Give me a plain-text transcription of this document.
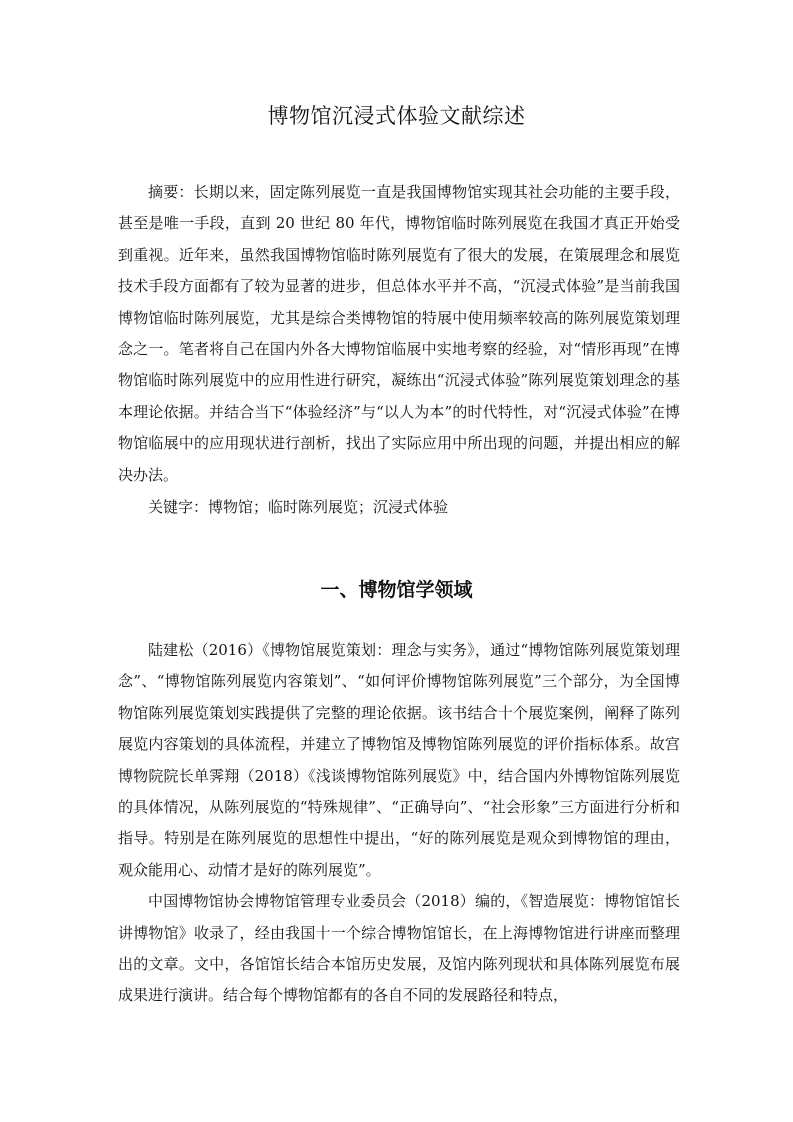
博物馆沉浸式体验文献综述

摘要：长期以来，固定陈列展览一直是我国博物馆实现其社会功能的主要手段，甚至是唯一手段，直到 20 世纪 80 年代，博物馆临时陈列展览在我国才真正开始受到重视。近年来，虽然我国博物馆临时陈列展览有了很大的发展，在策展理念和展览技术手段方面都有了较为显著的进步，但总体水平并不高，“沉浸式体验”是当前我国博物馆临时陈列展览，尤其是综合类博物馆的特展中使用频率较高的陈列展览策划理念之一。笔者将自己在国内外各大博物馆临展中实地考察的经验，对“情形再现”在博物馆临时陈列展览中的应用性进行研究，凝练出“沉浸式体验”陈列展览策划理念的基本理论依据。并结合当下“体验经济”与“以人为本”的时代特性，对“沉浸式体验”在博物馆临展中的应用现状进行剖析，找出了实际应用中所出现的问题，并提出相应的解决办法。

关键字：博物馆；临时陈列展览；沉浸式体验

一、博物馆学领域

陆建松（2016）《博物馆展览策划：理念与实务》，通过“博物馆陈列展览策划理念”、“博物馆陈列展览内容策划”、“如何评价博物馆陈列展览”三个部分，为全国博物馆陈列展览策划实践提供了完整的理论依据。该书结合十个展览案例，阐释了陈列展览内容策划的具体流程，并建立了博物馆及博物馆陈列展览的评价指标体系。故宫博物院院长单霁翔（2018）《浅谈博物馆陈列展览》中，结合国内外博物馆陈列展览的具体情况，从陈列展览的“特殊规律”、“正确导向”、“社会形象”三方面进行分析和指导。特别是在陈列展览的思想性中提出，“好的陈列展览是观众到博物馆的理由，观众能用心、动情才是好的陈列展览”。

中国博物馆协会博物馆管理专业委员会（2018）编的，《智造展览：博物馆馆长讲博物馆》收录了，经由我国十一个综合博物馆馆长，在上海博物馆进行讲座而整理出的文章。文中，各馆馆长结合本馆历史发展，及馆内陈列现状和具体陈列展览布展成果进行演讲。结合每个博物馆都有的各自不同的发展路径和特点，
